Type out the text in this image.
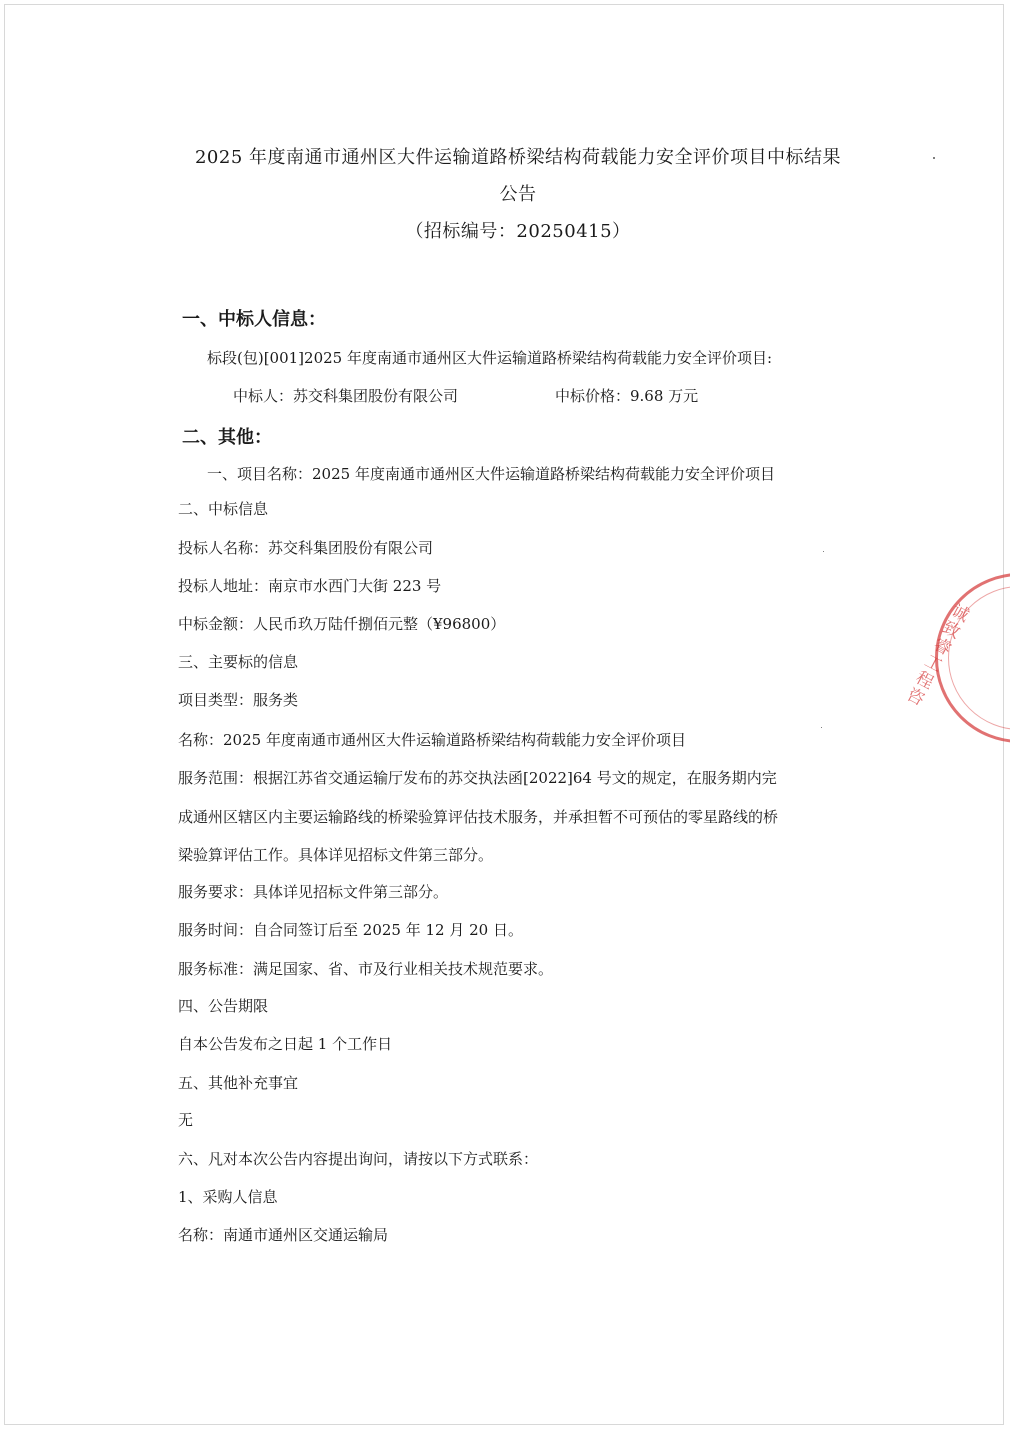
2025 年度南通市通州区大件运输道路桥梁结构荷载能力安全评价项目中标结果
公告
（招标编号：20250415）
一、中标人信息：
标段(包)[001]2025 年度南通市通州区大件运输道路桥梁结构荷载能力安全评价项目:
中标人：苏交科集团股份有限公司	中标价格：9.68 万元
二、其他：
一、项目名称：2025 年度南通市通州区大件运输道路桥梁结构荷载能力安全评价项目
二、中标信息
投标人名称：苏交科集团股份有限公司
投标人地址：南京市水西门大街 223 号
中标金额：人民币玖万陆仟捌佰元整（¥96800）
三、主要标的信息
项目类型：服务类
名称：2025 年度南通市通州区大件运输道路桥梁结构荷载能力安全评价项目
服务范围：根据江苏省交通运输厅发布的苏交执法函[2022]64 号文的规定，在服务期内完
成通州区辖区内主要运输路线的桥梁验算评估技术服务，并承担暂不可预估的零星路线的桥
梁验算评估工作。具体详见招标文件第三部分。
服务要求：具体详见招标文件第三部分。
服务时间：自合同签订后至 2025 年 12 月 20 日。
服务标准：满足国家、省、市及行业相关技术规范要求。
四、公告期限
自本公告发布之日起 1 个工作日
五、其他补充事宜
无
六、凡对本次公告内容提出询问，请按以下方式联系：
1、采购人信息
名称：南通市通州区交通运输局
诚致睿工程咨
